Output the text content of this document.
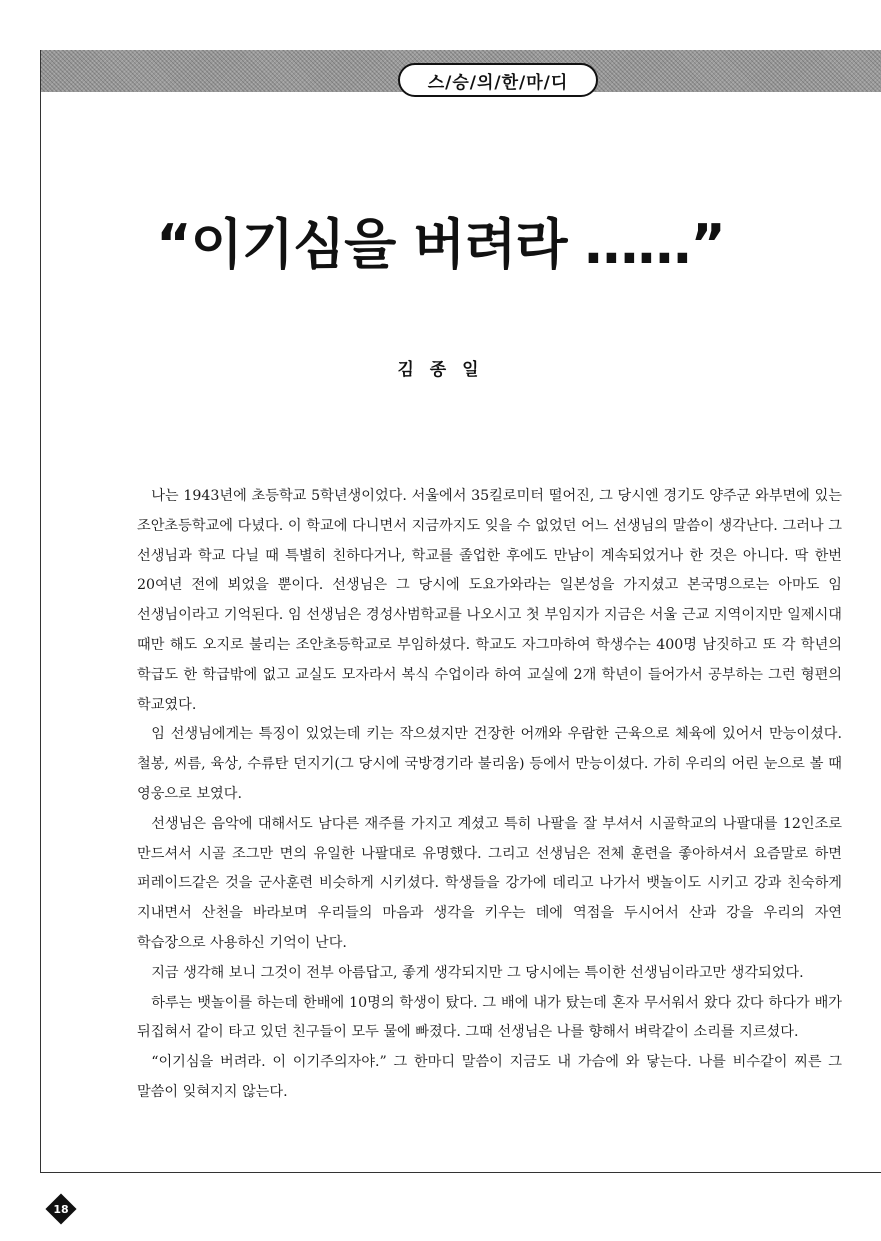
스/승/의/한/마/디
“이기심을 버려라 ……”
김 종 일

나는 1943년에 초등학교 5학년생이었다. 서울에서 35킬로미터 떨어진, 그 당시엔 경기도 양주군 와부면에 있는 조안초등학교에 다녔다. 이 학교에 다니면서 지금까지도 잊을 수 없었던 어느 선생님의 말씀이 생각난다. 그러나 그 선생님과 학교 다닐 때 특별히 친하다거나, 학교를 졸업한 후에도 만남이 계속되었거나 한 것은 아니다. 딱 한번 20여년 전에 뵈었을 뿐이다. 선생님은 그 당시에 도요가와라는 일본성을 가지셨고 본국명으로는 아마도 임 선생님이라고 기억된다. 임 선생님은 경성사범학교를 나오시고 첫 부임지가 지금은 서울 근교 지역이지만 일제시대 때만 해도 오지로 불리는 조안초등학교로 부임하셨다. 학교도 자그마하여 학생수는 400명 남짓하고 또 각 학년의 학급도 한 학급밖에 없고 교실도 모자라서 복식 수업이라 하여 교실에 2개 학년이 들어가서 공부하는 그런 형편의 학교였다.

임 선생님에게는 특징이 있었는데 키는 작으셨지만 건장한 어깨와 우람한 근육으로 체육에 있어서 만능이셨다. 철봉, 씨름, 육상, 수류탄 던지기(그 당시에 국방경기라 불리움) 등에서 만능이셨다. 가히 우리의 어린 눈으로 볼 때 영웅으로 보였다.

선생님은 음악에 대해서도 남다른 재주를 가지고 계셨고 특히 나팔을 잘 부셔서 시골학교의 나팔대를 12인조로 만드셔서 시골 조그만 면의 유일한 나팔대로 유명했다. 그리고 선생님은 전체 훈련을 좋아하셔서 요즘말로 하면 퍼레이드같은 것을 군사훈련 비슷하게 시키셨다. 학생들을 강가에 데리고 나가서 뱃놀이도 시키고 강과 친숙하게 지내면서 산천을 바라보며 우리들의 마음과 생각을 키우는 데에 역점을 두시어서 산과 강을 우리의 자연 학습장으로 사용하신 기억이 난다.

지금 생각해 보니 그것이 전부 아름답고, 좋게 생각되지만 그 당시에는 특이한 선생님이라고만 생각되었다.

하루는 뱃놀이를 하는데 한배에 10명의 학생이 탔다. 그 배에 내가 탔는데 혼자 무서워서 왔다 갔다 하다가 배가 뒤집혀서 같이 타고 있던 친구들이 모두 물에 빠졌다. 그때 선생님은 나를 향해서 벼락같이 소리를 지르셨다.

“이기심을 버려라. 이 이기주의자야.” 그 한마디 말씀이 지금도 내 가슴에 와 닿는다. 나를 비수같이 찌른 그 말씀이 잊혀지지 않는다.

18
